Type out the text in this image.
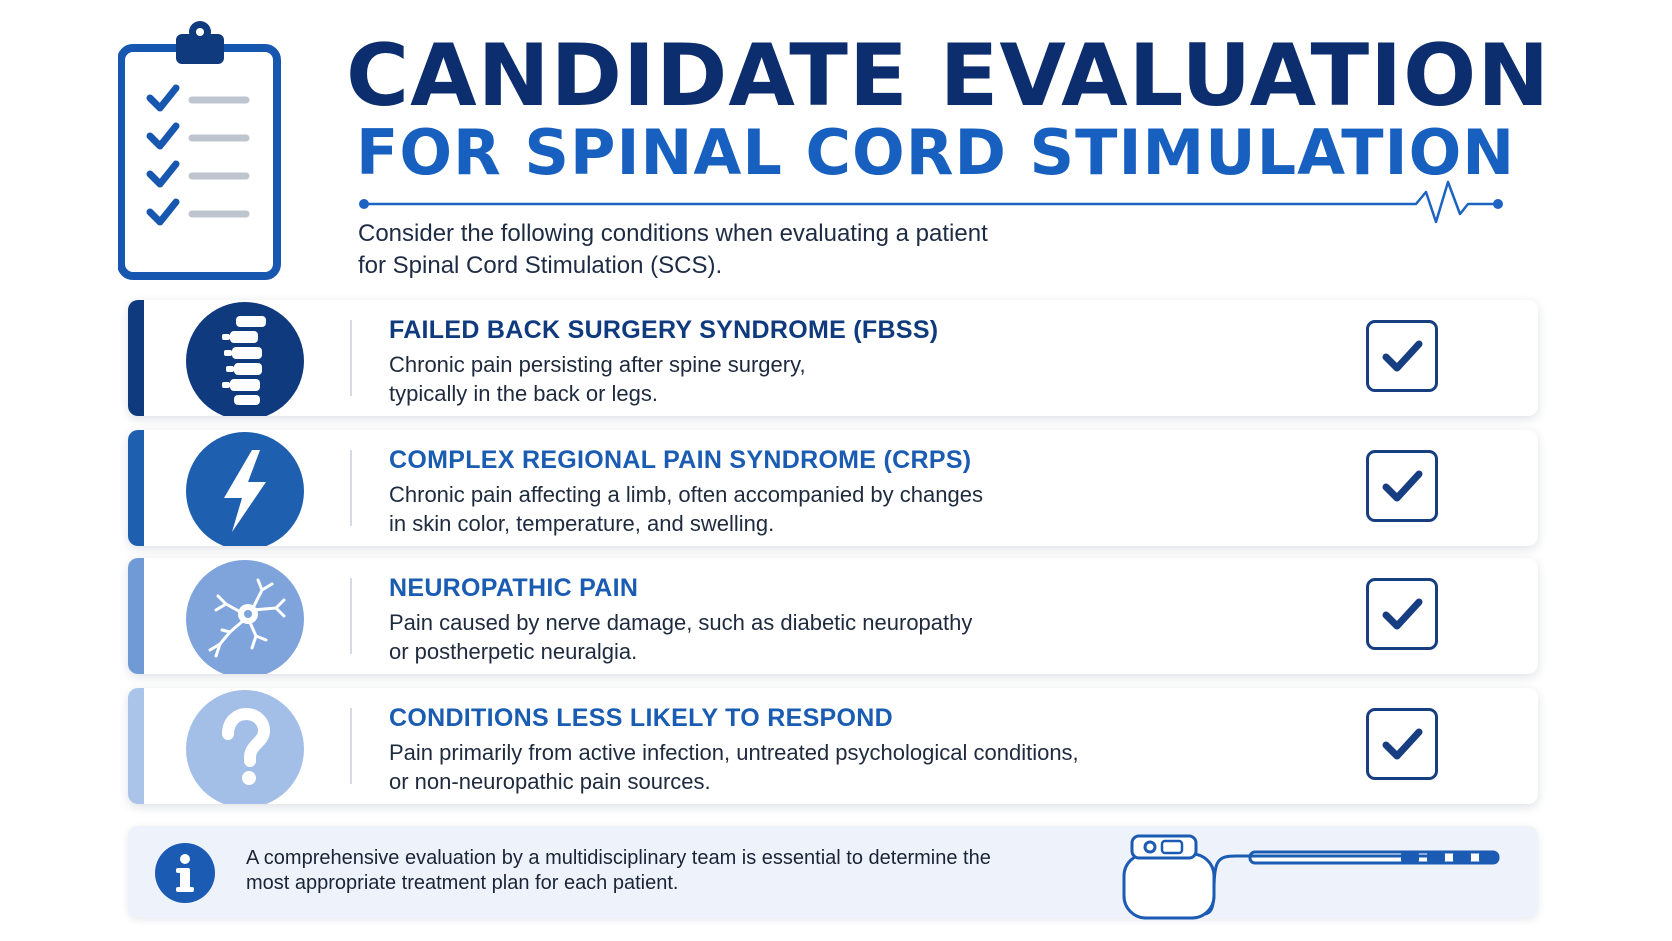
CANDIDATE EVALUATION
FOR SPINAL CORD STIMULATION
Consider the following conditions when evaluating a patient
for Spinal Cord Stimulation (SCS).
FAILED BACK SURGERY SYNDROME (FBSS)
Chronic pain persisting after spine surgery,
typically in the back or legs.
COMPLEX REGIONAL PAIN SYNDROME (CRPS)
Chronic pain affecting a limb, often accompanied by changes
in skin color, temperature, and swelling.
NEUROPATHIC PAIN
Pain caused by nerve damage, such as diabetic neuropathy
or postherpetic neuralgia.
CONDITIONS LESS LIKELY TO RESPOND
Pain primarily from active infection, untreated psychological conditions,
or non-neuropathic pain sources.
A comprehensive evaluation by a multidisciplinary team is essential to determine the
most appropriate treatment plan for each patient.
